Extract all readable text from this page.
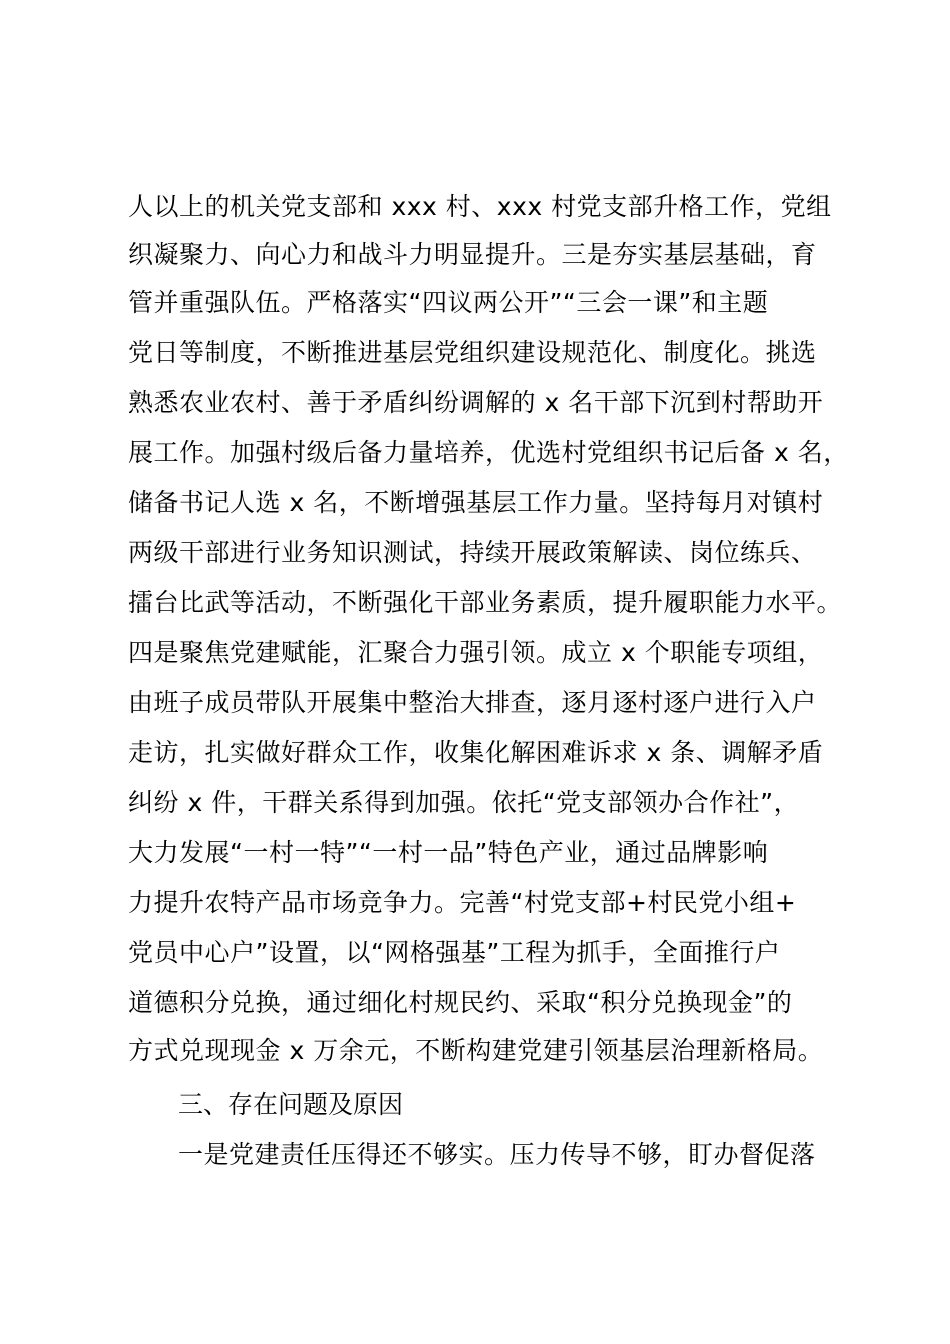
人以上的机关党支部和 xxx 村、xxx 村党支部升格工作，党组
织凝聚力、向心力和战斗力明显提升。三是夯实基层基础，育
管并重强队伍。严格落实“四议两公开”“三会一课”和主题
党日等制度，不断推进基层党组织建设规范化、制度化。挑选
熟悉农业农村、善于矛盾纠纷调解的 x 名干部下沉到村帮助开
展工作。加强村级后备力量培养，优选村党组织书记后备 x 名，
储备书记人选 x 名，不断增强基层工作力量。坚持每月对镇村
两级干部进行业务知识测试，持续开展政策解读、岗位练兵、
擂台比武等活动，不断强化干部业务素质，提升履职能力水平。
四是聚焦党建赋能，汇聚合力强引领。成立 x 个职能专项组，
由班子成员带队开展集中整治大排查，逐月逐村逐户进行入户
走访，扎实做好群众工作，收集化解困难诉求 x 条、调解矛盾
纠纷 x 件，干群关系得到加强。依托“党支部领办合作社”，
大力发展“一村一特”“一村一品”特色产业，通过品牌影响
力提升农特产品市场竞争力。完善“村党支部+村民党小组+
党员中心户”设置，以“网格强基”工程为抓手，全面推行户
道德积分兑换，通过细化村规民约、采取“积分兑换现金”的
方式兑现现金 x 万余元，不断构建党建引领基层治理新格局。
三、存在问题及原因
一是党建责任压得还不够实。压力传导不够，盯办督促落
